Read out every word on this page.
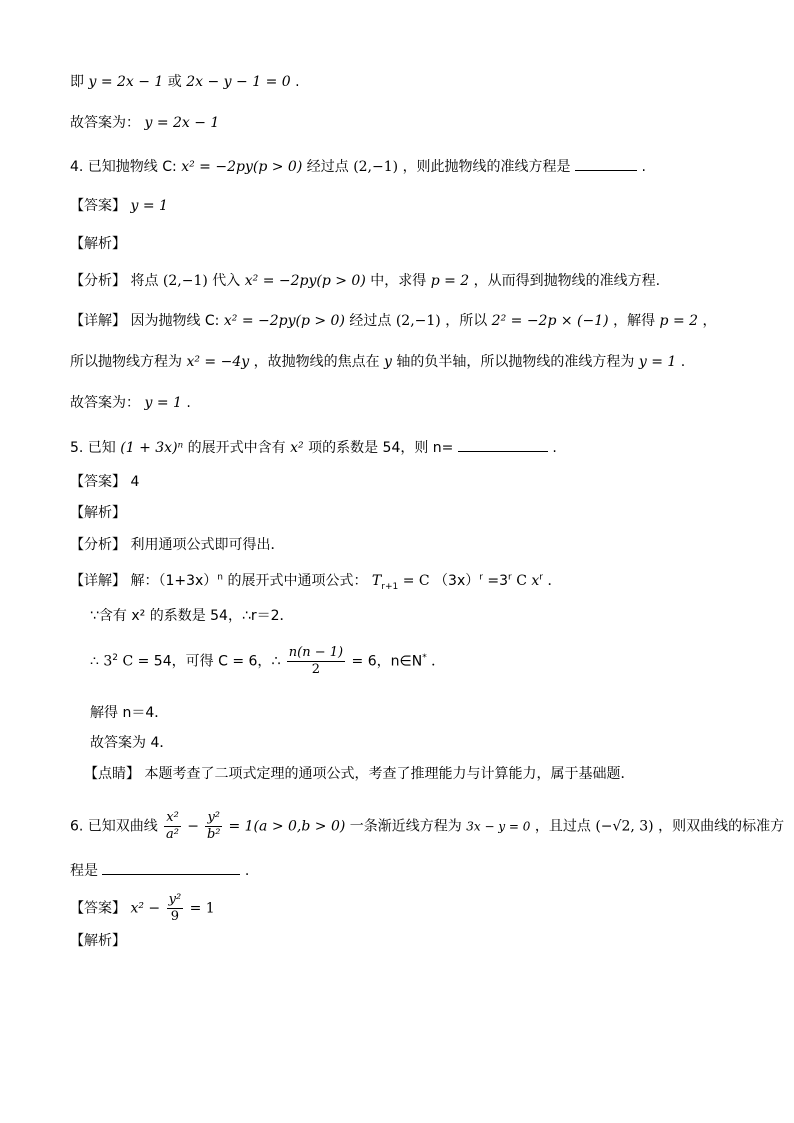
即 y = 2x − 1 或 2x − y − 1 = 0 .
故答案为： y = 2x − 1
4. 已知抛物线 C: x² = −2py(p > 0) 经过点 (2,−1) ，则此抛物线的准线方程是	.
【答案】 y = 1
【解析】
【分析】 将点 (2,−1) 代入 x² = −2py(p > 0) 中，求得 p = 2 ，从而得到抛物线的准线方程.
【详解】 因为抛物线 C: x² = −2py(p > 0) 经过点 (2,−1) ，所以 2² = −2p × (−1) ，解得 p = 2 ，
所以抛物线方程为 x² = −4y ，故抛物线的焦点在 y 轴的负半轴，所以抛物线的准线方程为 y = 1 .
故答案为： y = 1 .
5. 已知 (1 + 3x)ⁿ 的展开式中含有 x² 项的系数是 54，则 n=	.
【答案】 4
【解析】
【分析】 利用通项公式即可得出．
【详解】 解：$(1+3x)^n$ 的展开式中通项公式： $T_{r+1} = C$ $(3x)^r =3^r$ C $x^r$ ．
∵含有 x² 的系数是 54，∴r＝2．
∴ $3^2$ C = 54，可得 C = 6，∴ $\frac{n(n - 1)}{2} = 6$，n∈N* ．
解得 n＝4．
故答案为 4．
【点睛】 本题考查了二项式定理的通项公式，考查了推理能力与计算能力，属于基础题．
6. 已知双曲线 $\frac{\text{x²}}{\text{a²}} - \frac{\text{y²}}{\text{b²}} = 1(a > 0,b > 0)$ 一条渐近线方程为 3x − y = 0 ，且过点 (−√2, 3) ，则双曲线的标准方
程是	.
【答案】 $x^2 - \frac{\text{y²}}{9} = 1$
【解析】
